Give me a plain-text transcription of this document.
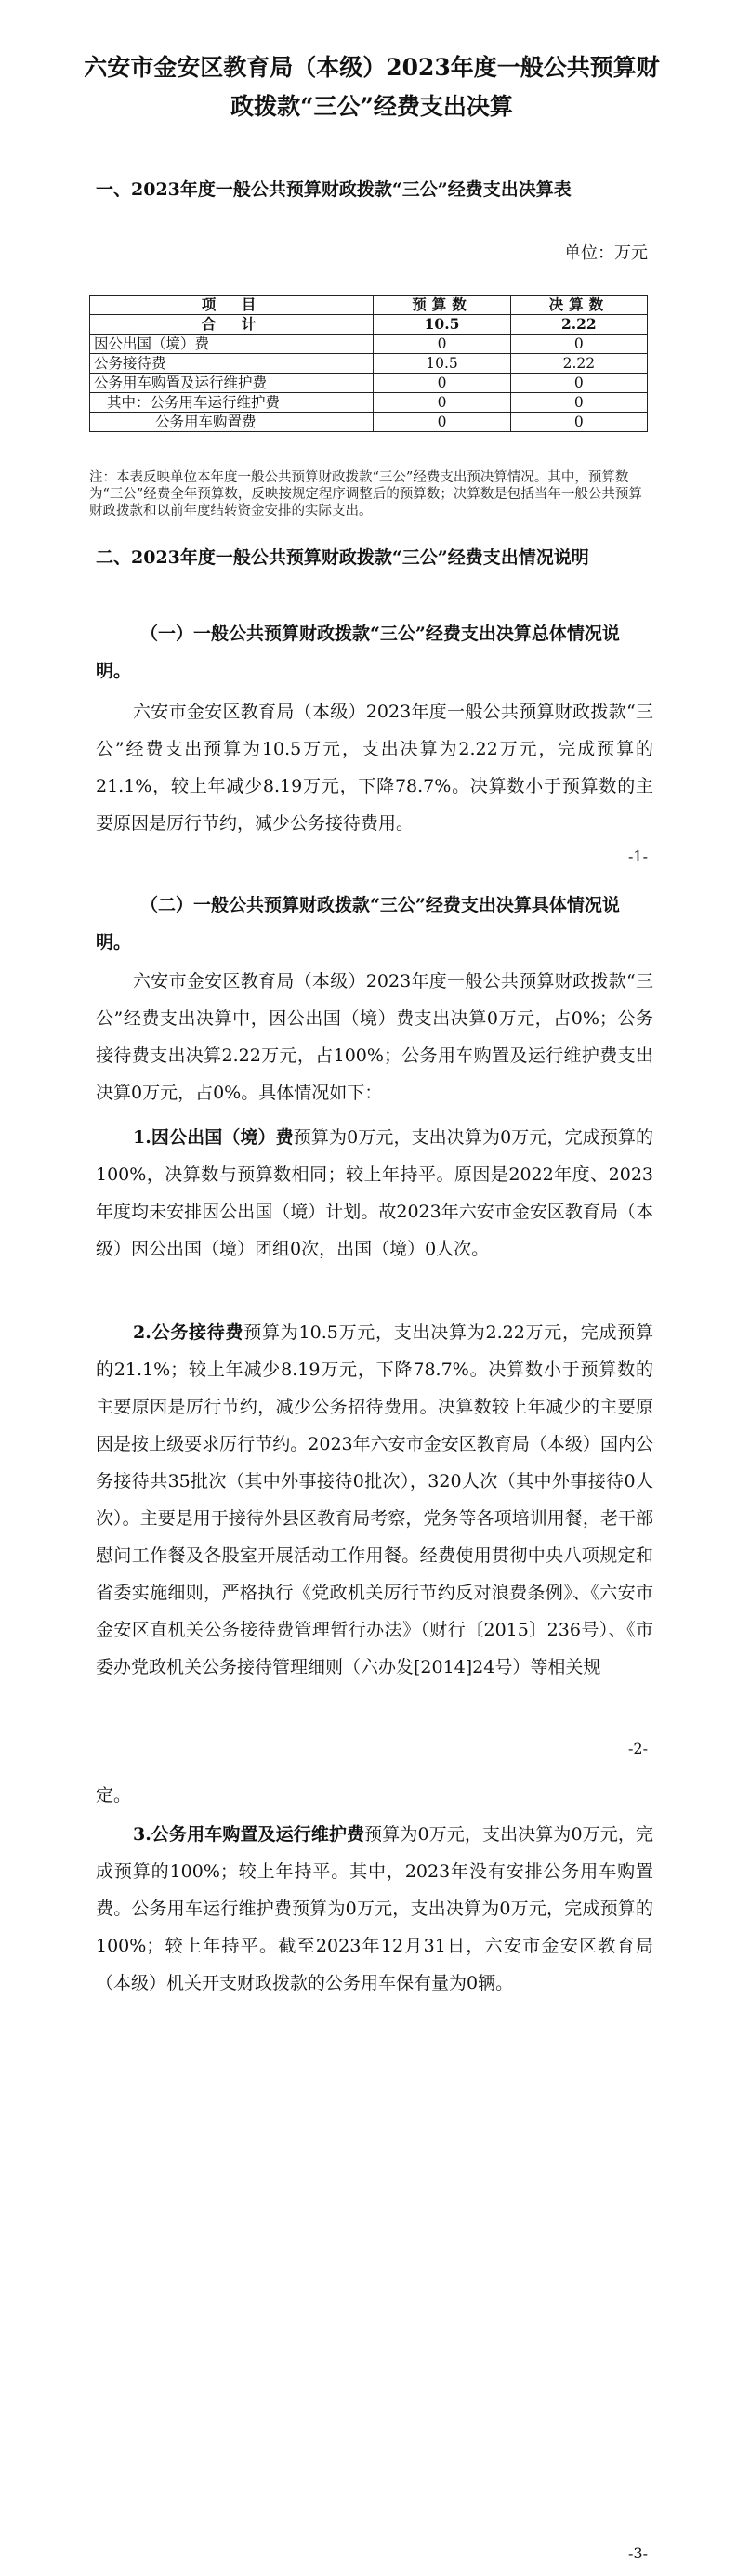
六安市金安区教育局（本级）2023年度一般公共预算财政拨款“三公”经费支出决算
一、2023年度一般公共预算财政拨款“三公”经费支出决算表
单位：万元
项　目	预算数	决算数
合　计	10.5	2.22
因公出国（境）费	0	0
公务接待费	10.5	2.22
公务用车购置及运行维护费	0	0
其中：公务用车运行维护费	0	0
公务用车购置费	0	0
注：本表反映单位本年度一般公共预算财政拨款“三公”经费支出预决算情况。其中，预算数为“三公”经费全年预算数，反映按规定程序调整后的预算数；决算数是包括当年一般公共预算财政拨款和以前年度结转资金安排的实际支出。
二、2023年度一般公共预算财政拨款“三公”经费支出情况说明
（一）一般公共预算财政拨款“三公”经费支出决算总体情况说明。
六安市金安区教育局（本级）2023年度一般公共预算财政拨款“三公”经费支出预算为10.5万元，支出决算为2.22万元，完成预算的21.1%，较上年减少8.19万元，下降78.7%。决算数小于预算数的主要原因是厉行节约，减少公务接待费用。
-1-
（二）一般公共预算财政拨款“三公”经费支出决算具体情况说明。
六安市金安区教育局（本级）2023年度一般公共预算财政拨款“三公”经费支出决算中，因公出国（境）费支出决算0万元，占0%；公务接待费支出决算2.22万元，占100%；公务用车购置及运行维护费支出决算0万元，占0%。具体情况如下：
1.因公出国（境）费预算为0万元，支出决算为0万元，完成预算的100%，决算数与预算数相同；较上年持平。原因是2022年度、2023年度均未安排因公出国（境）计划。故2023年六安市金安区教育局（本级）因公出国（境）团组0次，出国（境）0人次。
2.公务接待费预算为10.5万元，支出决算为2.22万元，完成预算的21.1%；较上年减少8.19万元，下降78.7%。决算数小于预算数的主要原因是厉行节约，减少公务招待费用。决算数较上年减少的主要原因是按上级要求厉行节约。2023年六安市金安区教育局（本级）国内公务接待共35批次（其中外事接待0批次），320人次（其中外事接待0人次）。主要是用于接待外县区教育局考察，党务等各项培训用餐，老干部慰问工作餐及各股室开展活动工作用餐。经费使用贯彻中央八项规定和省委实施细则，严格执行《党政机关厉行节约反对浪费条例》、《六安市金安区直机关公务接待费管理暂行办法》（财行〔2015〕236号）、《市委办党政机关公务接待管理细则（六办发[2014]24号）等相关规
-2-
定。
3.公务用车购置及运行维护费预算为0万元，支出决算为0万元，完成预算的100%；较上年持平。其中，2023年没有安排公务用车购置费。公务用车运行维护费预算为0万元，支出决算为0万元，完成预算的100%；较上年持平。截至2023年12月31日，六安市金安区教育局（本级）机关开支财政拨款的公务用车保有量为0辆。
-3-
